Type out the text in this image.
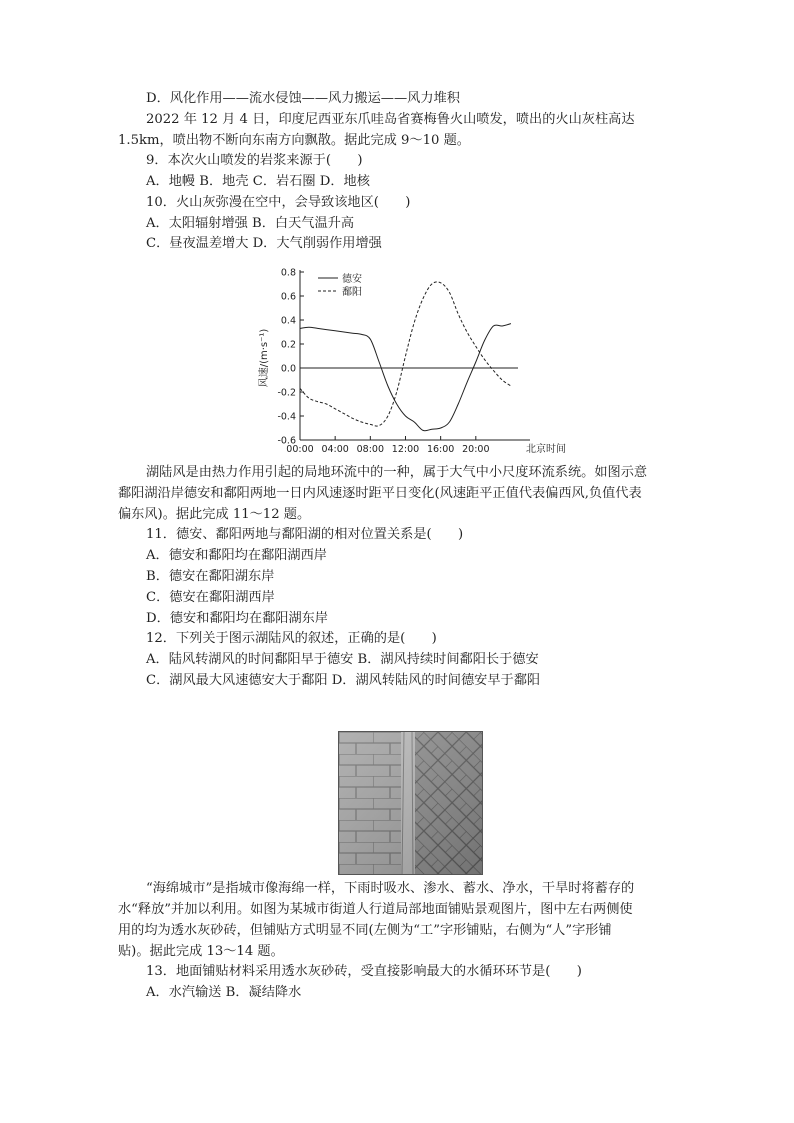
D．风化作用——流水侵蚀——风力搬运——风力堆积
2022 年 12 月 4 日，印度尼西亚东爪哇岛省赛梅鲁火山喷发，喷出的火山灰柱高达
1.5km，喷出物不断向东南方向飘散。据此完成 9～10 题。
9．本次火山喷发的岩浆来源于(　　)
A．地幔 B．地壳 C．岩石圈 D．地核
10．火山灰弥漫在空中，会导致该地区(　　)
A．太阳辐射增强 B．白天气温升高
C．昼夜温差增大 D．大气削弱作用增强
湖陆风是由热力作用引起的局地环流中的一种，属于大气中小尺度环流系统。如图示意
鄱阳湖沿岸德安和鄱阳两地一日内风速逐时距平日变化(风速距平正值代表偏西风,负值代表
偏东风)。据此完成 11～12 题。
11．德安、鄱阳两地与鄱阳湖的相对位置关系是(　　)
A．德安和鄱阳均在鄱阳湖西岸
B．德安在鄱阳湖东岸
C．德安在鄱阳湖西岸
D．德安和鄱阳均在鄱阳湖东岸
12．下列关于图示湖陆风的叙述，正确的是(　　)
A．陆风转湖风的时间鄱阳早于德安 B．湖风持续时间鄱阳长于德安
C．湖风最大风速德安大于鄱阳 D．湖风转陆风的时间德安早于鄱阳
“海绵城市”是指城市像海绵一样，下雨时吸水、渗水、蓄水、净水，干旱时将蓄存的
水“释放”并加以利用。如图为某城市街道人行道局部地面铺贴景观图片，图中左右两侧使
用的均为透水灰砂砖，但铺贴方式明显不同(左侧为“工”字形铺贴，右侧为“人”字形铺
贴)。据此完成 13～14 题。
13．地面铺贴材料采用透水灰砂砖，受直接影响最大的水循环环节是(　　)
A．水汽输送 B．凝结降水
-0.6
-0.4
-0.2
0.0
0.2
0.4
0.6
0.8
00:00 04:00 08:00 12:00 16:00 20:00	北京时间
风速/(m·s⁻¹)
德安
鄱阳
